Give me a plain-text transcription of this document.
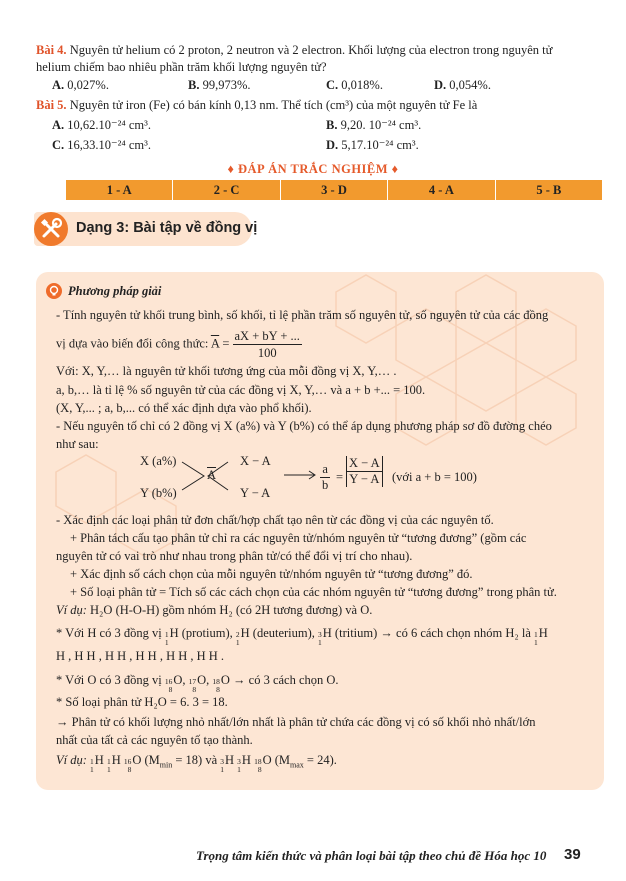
Bài 4. Nguyên tử helium có 2 proton, 2 neutron và 2 electron. Khối lượng của electron trong nguyên tử
helium chiếm bao nhiêu phần trăm khối lượng nguyên tử?
A. 0,027%.	B. 99,973%.	C. 0,018%.	D. 0,054%.
Bài 5. Nguyên tử iron (Fe) có bán kính 0,13 nm. Thể tích (cm³) của một nguyên tử Fe là
A. 10,62.10⁻²⁴ cm³.	B. 9,20. 10⁻²⁴ cm³.
C. 16,33.10⁻²⁴ cm³.	D. 5,17.10⁻²⁴ cm³.
♦ ĐÁP ÁN TRẮC NGHIỆM ♦
1 - A	2 - C	3 - D	4 - A	5 - B
Dạng 3: Bài tập về đồng vị
Phương pháp giải
- Tính nguyên tử khối trung bình, số khối, tỉ lệ phần trăm số nguyên tử, số nguyên tử của các đồng
vị dựa vào biến đổi công thức: $\overline{A} = \frac{aX + bY + ...}{100}$
Với: X, Y,… là nguyên tử khối tương ứng của mỗi đồng vị X, Y,… .
a, b,… là tỉ lệ % số nguyên tử của các đồng vị X, Y,… và a + b +... = 100.
(X, Y,... ; a, b,... có thể xác định dựa vào phổ khối).
- Nếu nguyên tố chỉ có 2 đồng vị X (a%) và Y (b%) có thể áp dụng phương pháp sơ đồ đường chéo
như sau:
X (a%)
Y (b%)
$\overline{A}$
X − A
Y − A	$\frac{a}{b} = \frac{X - A}{Y - A}$ (với a + b = 100)
- Xác định các loại phân tử đơn chất/hợp chất tạo nên từ các đồng vị của các nguyên tố.
+ Phân tách cấu tạo phân tử chỉ ra các nguyên tử/nhóm nguyên tử “tương đương” (gồm các
nguyên tử có vai trò như nhau trong phân tử/có thể đổi vị trí cho nhau).
+ Xác định số cách chọn của mỗi nguyên tử/nhóm nguyên tử “tương đương” đó.
+ Số loại phân tử = Tích số các cách chọn của các nhóm nguyên tử “tương đương” trong phân tử.
Ví dụ: H₂O (H-O-H) gồm nhóm H₂ (có 2H tương đương) và O.
* Với H có 3 đồng vị 1
1
H (protium), 2
1
H (deuterium), 3
1
H (tritium) → có 6 cách chọn nhóm H₂ là 1
1
H
H , H H , H H , H H , H H , H H .
* Với O có 3 đồng vị 16
8
O, 17
8
O, 18
8
O → có 3 cách chọn O.
* Số loại phân tử H₂O = 6. 3 = 18.
→ Phân tử có khối lượng nhỏ nhất/lớn nhất là phân tử chứa các đồng vị có số khối nhỏ nhất/lớn
nhất của tất cả các nguyên tố tạo thành.
Ví dụ: 1
1
H 1
1
H 16
8
O $(M_{min} = 18)$ và 3
1
H 3
1
H 18
8
O $(M_{max} = 24)$.
Trọng tâm kiến thức và phân loại bài tập theo chủ đề Hóa học 10 39
